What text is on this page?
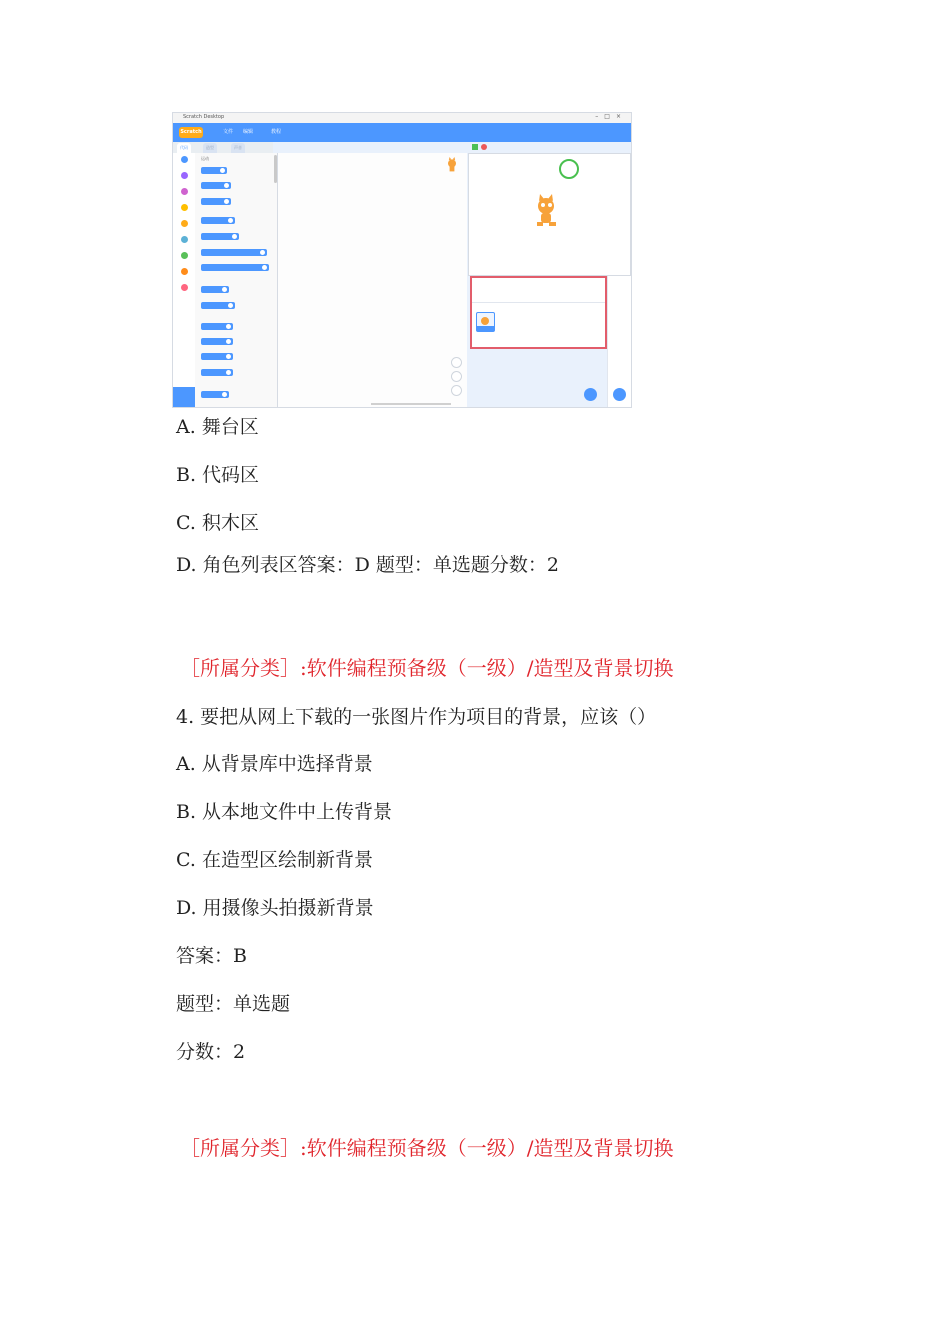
Scratch Desktop	–□×
Scratch	文件 编辑	教程
代码	造型	声音
运动
A. 舞台区
B. 代码区
C. 积木区
D. 角色列表区答案：D 题型：单选题分数：2
［所属分类］:软件编程预备级（一级）/造型及背景切换
4. 要把从网上下载的一张图片作为项目的背景，应该（）
A. 从背景库中选择背景
B. 从本地文件中上传背景
C. 在造型区绘制新背景
D. 用摄像头拍摄新背景
答案：B
题型：单选题
分数：2
［所属分类］:软件编程预备级（一级）/造型及背景切换
